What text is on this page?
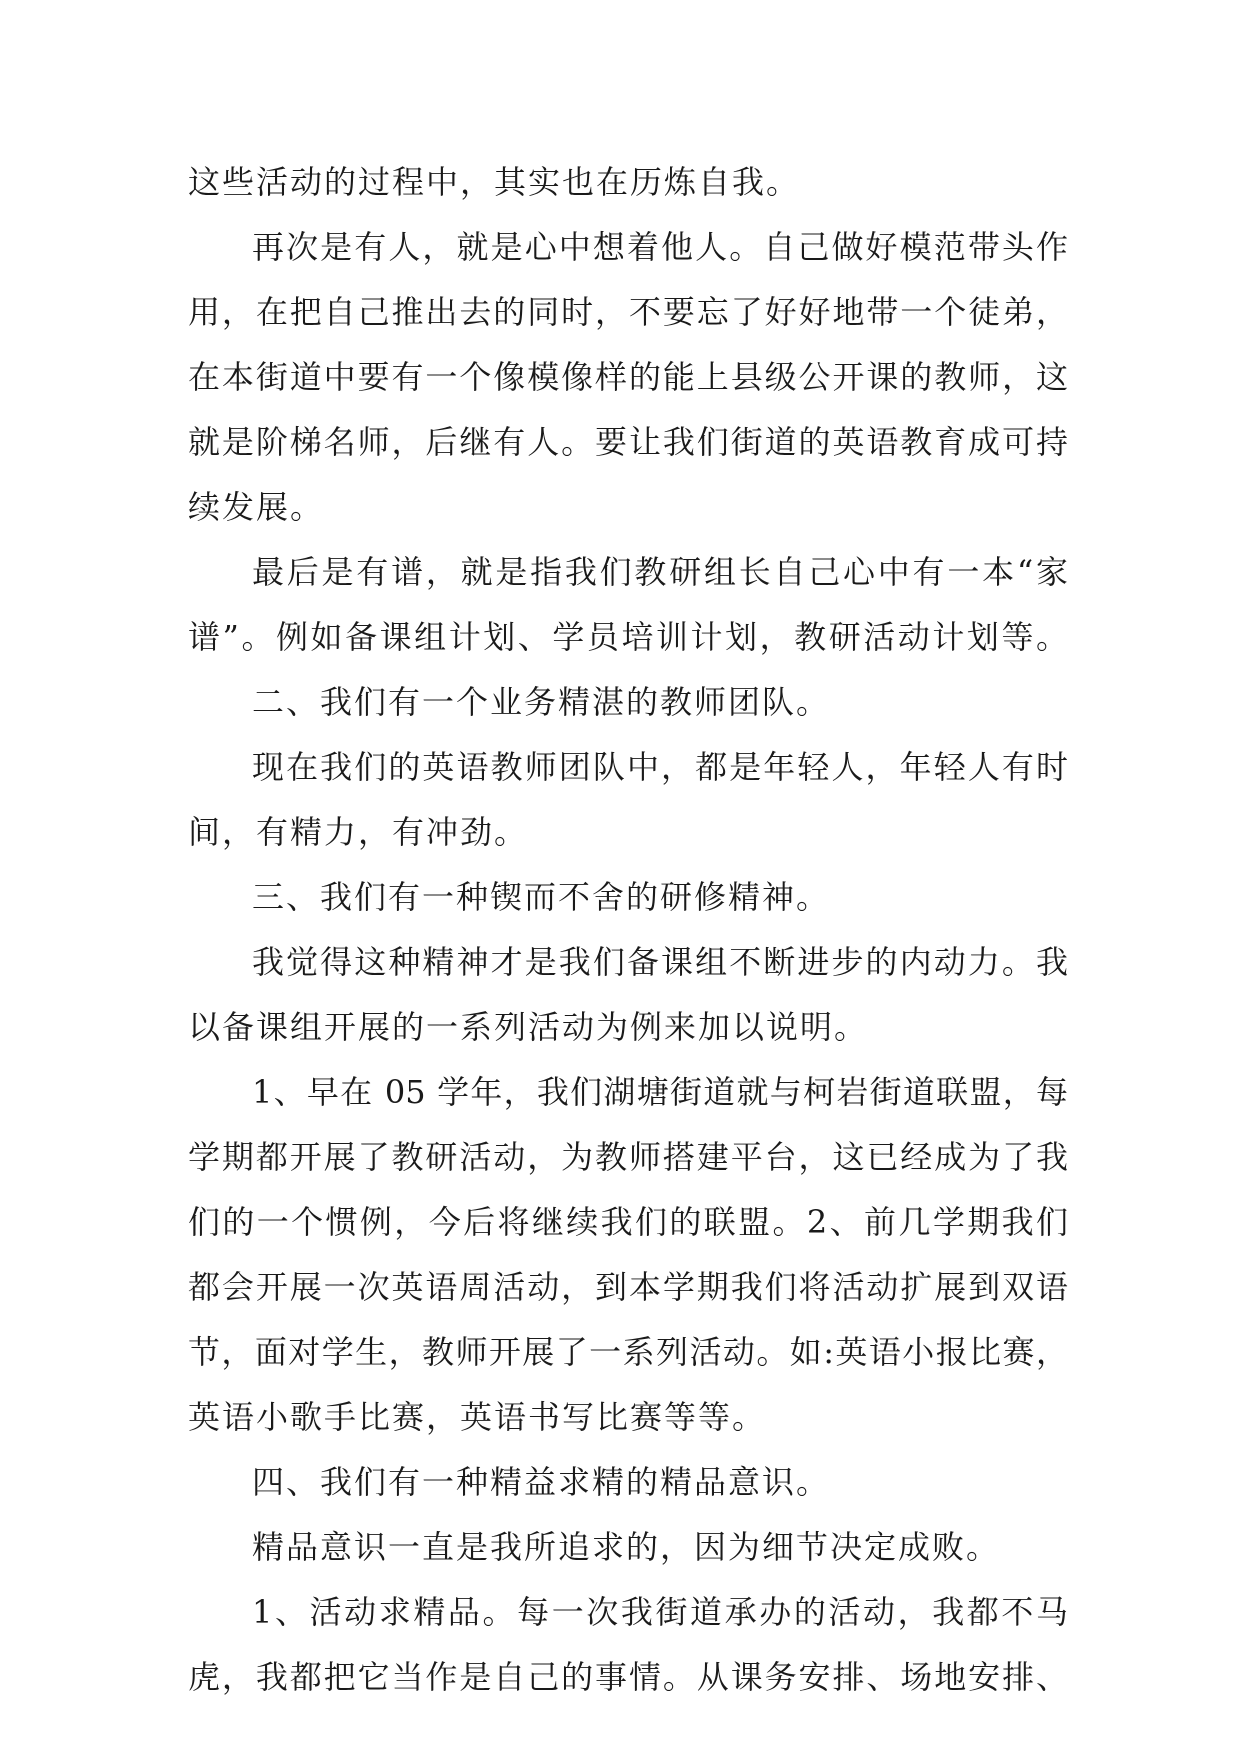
这些活动的过程中，其实也在历炼自我。
再次是有人，就是心中想着他人。自己做好模范带头作
用，在把自己推出去的同时，不要忘了好好地带一个徒弟，
在本街道中要有一个像模像样的能上县级公开课的教师，这
就是阶梯名师，后继有人。要让我们街道的英语教育成可持
续发展。
最后是有谱，就是指我们教研组长自己心中有一本“家
谱”。例如备课组计划、学员培训计划，教研活动计划等。
二、我们有一个业务精湛的教师团队。
现在我们的英语教师团队中，都是年轻人，年轻人有时
间，有精力，有冲劲。
三、我们有一种锲而不舍的研修精神。
我觉得这种精神才是我们备课组不断进步的内动力。我
以备课组开展的一系列活动为例来加以说明。
1、早在 05 学年，我们湖塘街道就与柯岩街道联盟，每
学期都开展了教研活动，为教师搭建平台，这已经成为了我
们的一个惯例，今后将继续我们的联盟。2、前几学期我们
都会开展一次英语周活动，到本学期我们将活动扩展到双语
节，面对学生，教师开展了一系列活动。如:英语小报比赛，
英语小歌手比赛，英语书写比赛等等。
四、我们有一种精益求精的精品意识。
精品意识一直是我所追求的，因为细节决定成败。
1、活动求精品。每一次我街道承办的活动，我都不马
虎，我都把它当作是自己的事情。从课务安排、场地安排、
